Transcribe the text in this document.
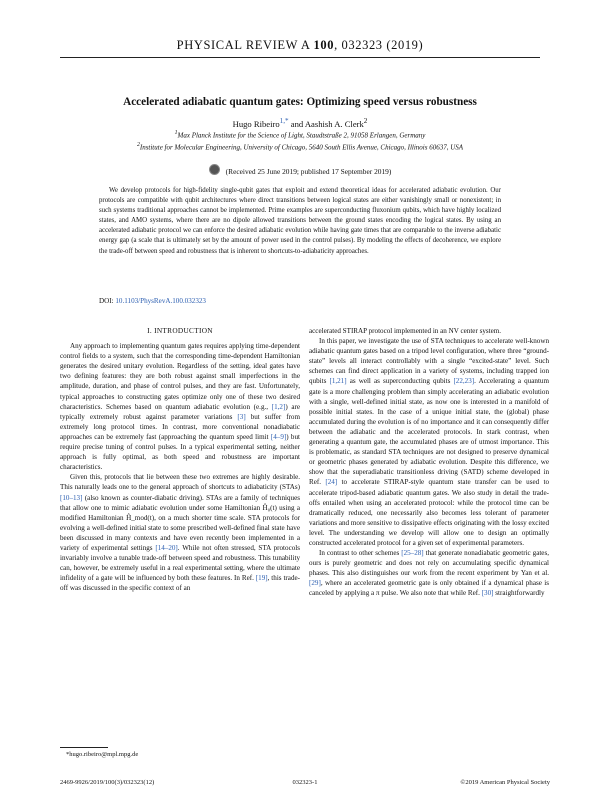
PHYSICAL REVIEW A 100, 032323 (2019)
Accelerated adiabatic quantum gates: Optimizing speed versus robustness
Hugo Ribeiro$^{1,*}$ and Aashish A. Clerk$^2$
$^1$Max Planck Institute for the Science of Light, Staudtstraße 2, 91058 Erlangen, Germany
$^2$Institute for Molecular Engineering, University of Chicago, 5640 South Ellis Avenue, Chicago, Illinois 60637, USA
(Received 25 June 2019; published 17 September 2019)
We develop protocols for high-fidelity single-qubit gates that exploit and extend theoretical ideas for accelerated adiabatic evolution. Our protocols are compatible with qubit architectures where direct transitions between logical states are either vanishingly small or nonexistent; in such systems traditional approaches cannot be implemented. Prime examples are superconducting fluxonium qubits, which have highly localized states, and AMO systems, where there are no dipole allowed transitions between the ground states encoding the logical states. By using an accelerated adiabatic protocol we can enforce the desired adiabatic evolution while having gate times that are comparable to the inverse adiabatic energy gap (a scale that is ultimately set by the amount of power used in the control pulses). By modeling the effects of decoherence, we explore the trade-off between speed and robustness that is inherent to shortcuts-to-adiabaticity approaches.
DOI: 10.1103/PhysRevA.100.032323
I. INTRODUCTION

Any approach to implementing quantum gates requires applying time-dependent control fields to a system, such that the corresponding time-dependent Hamiltonian generates the desired unitary evolution. Regardless of the setting, ideal gates have two defining features: they are both robust against small imperfections in the amplitude, duration, and phase of control pulses, and they are fast. Unfortunately, typical approaches to constructing gates optimize only one of these two desired characteristics. Schemes based on quantum adiabatic evolution (e.g., [1,2]) are typically extremely robust against parameter variations [3] but suffer from extremely long protocol times. In contrast, more conventional nonadiabatic approaches can be extremely fast (approaching the quantum speed limit [4–9]) but require precise tuning of control pulses. In a typical experimental setting, neither approach is fully optimal, as both speed and robustness are important characteristics.

Given this, protocols that lie between these two extremes are highly desirable. This naturally leads one to the general approach of shortcuts to adiabaticity (STAs) [10–13] (also known as counter-diabatic driving). STAs are a family of techniques that allow one to mimic adiabatic evolution under some Hamiltonian Ĥ₀(t) using a modified Hamiltonian Ĥ_mod(t), on a much shorter time scale. STA protocols for evolving a well-defined initial state to some prescribed well-defined final state have been discussed in many contexts and have even recently been implemented in a variety of experimental settings [14–20]. While not often stressed, STA protocols invariably involve a tunable trade-off between speed and robustness. This tunability can, however, be extremely useful in a real experimental setting, where the ultimate infidelity of a gate will be influenced by both these features. In Ref. [19], this trade-off was discussed in the specific context of an

accelerated STIRAP protocol implemented in an NV center system.

In this paper, we investigate the use of STA techniques to accelerate well-known adiabatic quantum gates based on a tripod level configuration, where three “ground-state” levels all interact controllably with a single “excited-state” level. Such schemes can find direct application in a variety of systems, including trapped ion qubits [1,21] as well as superconducting qubits [22,23]. Accelerating a quantum gate is a more challenging problem than simply accelerating an adiabatic evolution with a single, well-defined initial state, as now one is interested in a manifold of possible initial states. In the case of a unique initial state, the (global) phase accumulated during the evolution is of no importance and it can consequently differ between the adiabatic and the accelerated protocols. In stark contrast, when generating a quantum gate, the accumulated phases are of utmost importance. This is problematic, as standard STA techniques are not designed to preserve dynamical or geometric phases generated by adiabatic evolution. Despite this difference, we show that the superadiabatic transitionless driving (SATD) scheme developed in Ref. [24] to accelerate STIRAP-style quantum state transfer can be used to accelerate tripod-based adiabatic quantum gates. We also study in detail the trade-offs entailed when using an accelerated protocol: while the protocol time can be dramatically reduced, one necessarily also becomes less tolerant of parameter variations and more sensitive to dissipative effects originating with the lossy excited level. The understanding we develop will allow one to design an optimally constructed accelerated protocol for a given set of experimental parameters.

In contrast to other schemes [25–28] that generate nonadiabatic geometric gates, ours is purely geometric and does not rely on accumulating specific dynamical phases. This also distinguishes our work from the recent experiment by Yan et al. [29], where an accelerated geometric gate is only obtained if a dynamical phase is canceled by applying a π pulse. We also note that while Ref. [30] straightforwardly

*hugo.ribeiro@mpl.mpg.de
2469-9926/2019/100(3)/032323(12)	032323-1	©2019 American Physical Society
